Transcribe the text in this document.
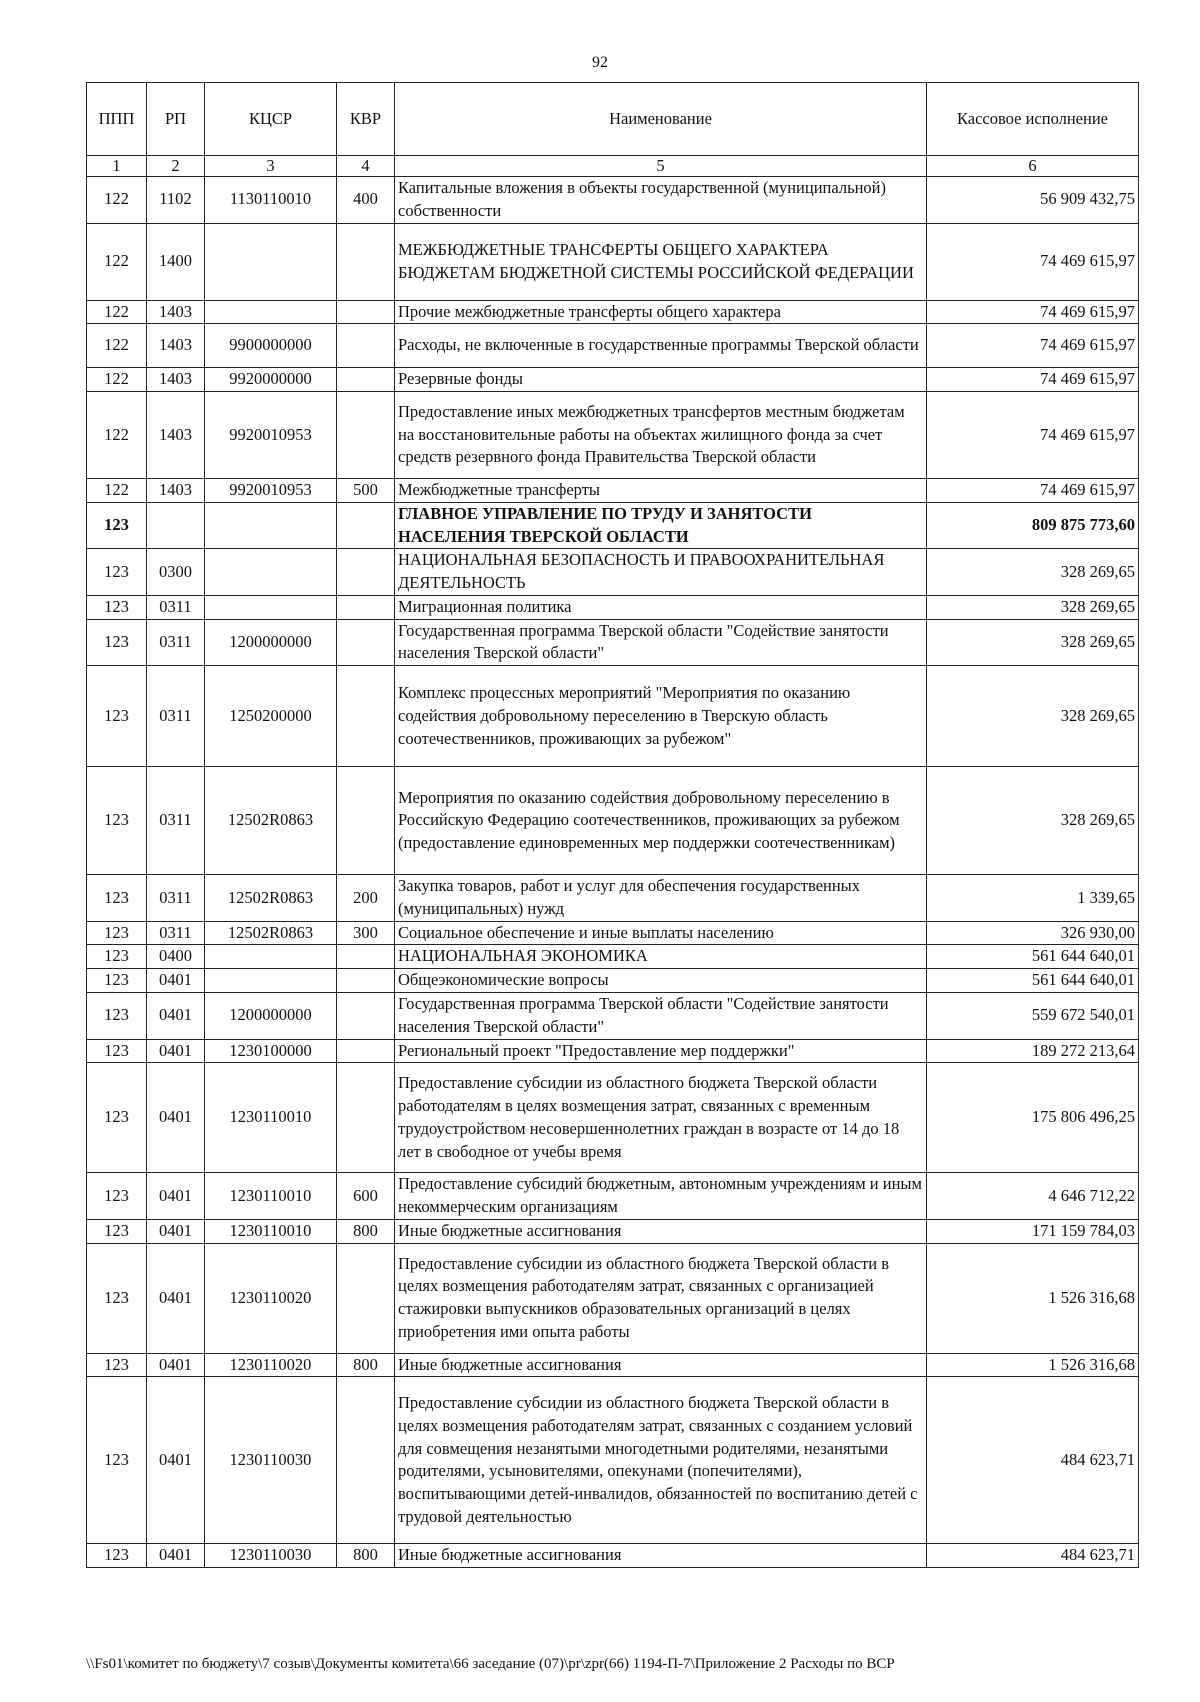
92
ППП	РП	КЦСР	КВР	Наименование	Кассовое исполнение
1	2	3	4	5	6
122	1102	1130110010	400	Капитальные вложения в объекты государственной (муниципальной) собственности	56 909 432,75
122	1400			МЕЖБЮДЖЕТНЫЕ ТРАНСФЕРТЫ ОБЩЕГО ХАРАКТЕРА БЮДЖЕТАМ БЮДЖЕТНОЙ СИСТЕМЫ РОССИЙСКОЙ ФЕДЕРАЦИИ	74 469 615,97
122	1403			Прочие межбюджетные трансферты общего характера	74 469 615,97
122	1403	9900000000		Расходы, не включенные в государственные программы Тверской области	74 469 615,97
122	1403	9920000000		Резервные фонды	74 469 615,97
122	1403	9920010953		Предоставление иных межбюджетных трансфертов местным бюджетам на восстановительные работы на объектах жилищного фонда за счет средств резервного фонда Правительства Тверской области	74 469 615,97
122	1403	9920010953	500	Межбюджетные трансферты	74 469 615,97
123				ГЛАВНОЕ УПРАВЛЕНИЕ ПО ТРУДУ И ЗАНЯТОСТИ НАСЕЛЕНИЯ ТВЕРСКОЙ ОБЛАСТИ	809 875 773,60
123	0300			НАЦИОНАЛЬНАЯ БЕЗОПАСНОСТЬ И ПРАВООХРАНИТЕЛЬНАЯ ДЕЯТЕЛЬНОСТЬ	328 269,65
123	0311			Миграционная политика	328 269,65
123	0311	1200000000		Государственная программа Тверской области "Содействие занятости населения Тверской области"	328 269,65
123	0311	1250200000		Комплекс процессных мероприятий "Мероприятия по оказанию содействия добровольному переселению в Тверскую область соотечественников, проживающих за рубежом"	328 269,65
123	0311	12502R0863		Мероприятия по оказанию содействия добровольному переселению в Российскую Федерацию соотечественников, проживающих за рубежом (предоставление единовременных мер поддержки соотечественникам)	328 269,65
123	0311	12502R0863	200	Закупка товаров, работ и услуг для обеспечения государственных (муниципальных) нужд	1 339,65
123	0311	12502R0863	300	Социальное обеспечение и иные выплаты населению	326 930,00
123	0400			НАЦИОНАЛЬНАЯ ЭКОНОМИКА	561 644 640,01
123	0401			Общеэкономические вопросы	561 644 640,01
123	0401	1200000000		Государственная программа Тверской области "Содействие занятости населения Тверской области"	559 672 540,01
123	0401	1230100000		Региональный проект "Предоставление мер поддержки"	189 272 213,64
123	0401	1230110010		Предоставление субсидии из областного бюджета Тверской области работодателям в целях возмещения затрат, связанных с временным трудоустройством несовершеннолетних граждан в возрасте от 14 до 18 лет в свободное от учебы время	175 806 496,25
123	0401	1230110010	600	Предоставление субсидий бюджетным, автономным учреждениям и иным некоммерческим организациям	4 646 712,22
123	0401	1230110010	800	Иные бюджетные ассигнования	171 159 784,03
123	0401	1230110020		Предоставление субсидии из областного бюджета Тверской области в целях возмещения работодателям затрат, связанных с организацией стажировки выпускников образовательных организаций в целях приобретения ими опыта работы	1 526 316,68
123	0401	1230110020	800	Иные бюджетные ассигнования	1 526 316,68
123	0401	1230110030		Предоставление субсидии из областного бюджета Тверской области в целях возмещения работодателям затрат, связанных с созданием условий для совмещения незанятыми многодетными родителями, незанятыми родителями, усыновителями, опекунами (попечителями), воспитывающими детей-инвалидов, обязанностей по воспитанию детей с трудовой деятельностью	484 623,71
123	0401	1230110030	800	Иные бюджетные ассигнования	484 623,71
\\Fs01\комитет по бюджету\7 созыв\Документы комитета\66 заседание (07)\pr\zpr(66) 1194-П-7\Приложение 2 Расходы по ВСР
